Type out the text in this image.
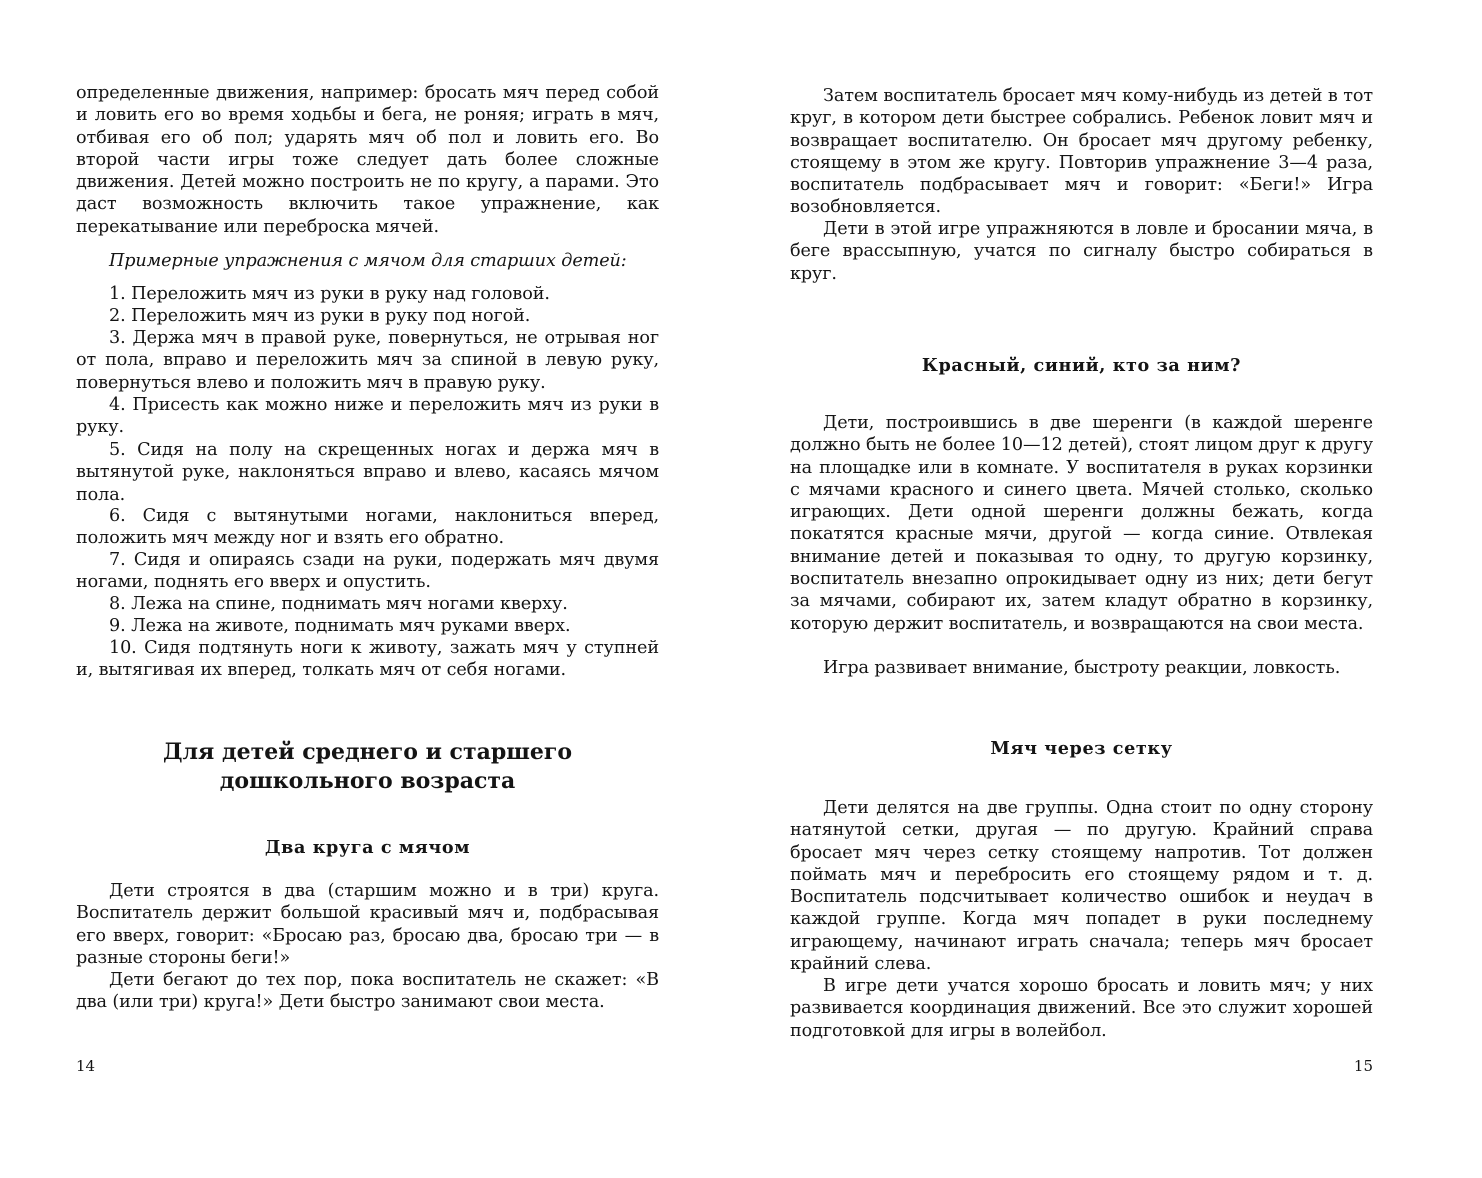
определенные движения, например: бросать мяч перед собой и ловить его во время ходьбы и бега, не роняя; играть в мяч, отбивая его об пол; ударять мяч об пол и ловить его. Во второй части игры тоже следует дать более сложные движения. Детей можно построить не по кругу, а парами. Это даст возможность включить такое упражнение, как перекатывание или переброска мячей.

Примерные упражнения с мячом для старших детей:

1. Переложить мяч из руки в руку над головой.

2. Переложить мяч из руки в руку под ногой.

3. Держа мяч в правой руке, повернуться, не отрывая ног от пола, вправо и переложить мяч за спиной в левую руку, повернуться влево и положить мяч в правую руку.

4. Присесть как можно ниже и переложить мяч из руки в руку.

5. Сидя на полу на скрещенных ногах и держа мяч в вытянутой руке, наклоняться вправо и влево, касаясь мячом пола.

6. Сидя с вытянутыми ногами, наклониться вперед, положить мяч между ног и взять его обратно.

7. Сидя и опираясь сзади на руки, подержать мяч двумя ногами, поднять его вверх и опустить.

8. Лежа на спине, поднимать мяч ногами кверху.

9. Лежа на животе, поднимать мяч руками вверх.

10. Сидя подтянуть ноги к животу, зажать мяч у ступней и, вытягивая их вперед, толкать мяч от себя ногами.

Для детей среднего и старшего
дошкольного возраста
Два круга с мячом

Дети строятся в два (старшим можно и в три) круга. Воспитатель держит большой красивый мяч и, подбрасывая его вверх, говорит: «Бросаю раз, бросаю два, бросаю три — в разные стороны беги!»

Дети бегают до тех пор, пока воспитатель не скажет: «В два (или три) круга!» Дети быстро занимают свои места.

14

Затем воспитатель бросает мяч кому-нибудь из детей в тот круг, в котором дети быстрее собрались. Ребенок ловит мяч и возвращает воспитателю. Он бросает мяч другому ребенку, стоящему в этом же кругу. Повторив упражнение 3—4 раза, воспитатель подбрасывает мяч и говорит: «Беги!» Игра возобновляется.

Дети в этой игре упражняются в ловле и бросании мяча, в беге врассыпную, учатся по сигналу быстро собираться в круг.

Красный, синий, кто за ним?

Дети, построившись в две шеренги (в каждой шеренге должно быть не более 10—12 детей), стоят лицом друг к другу на площадке или в комнате. У воспитателя в руках корзинки с мячами красного и синего цвета. Мячей столько, сколько играющих. Дети одной шеренги должны бежать, когда покатятся красные мячи, другой — когда синие. Отвлекая внимание детей и показывая то одну, то другую корзинку, воспитатель внезапно опрокидывает одну из них; дети бегут за мячами, собирают их, затем кладут обратно в корзинку, которую держит воспитатель, и возвращаются на свои места.

Игра развивает внимание, быстроту реакции, ловкость.

Мяч через сетку

Дети делятся на две группы. Одна стоит по одну сторону натянутой сетки, другая — по другую. Крайний справа бросает мяч через сетку стоящему напротив. Тот должен поймать мяч и перебросить его стоящему рядом и т. д. Воспитатель подсчитывает количество ошибок и неудач в каждой группе. Когда мяч попадет в руки последнему играющему, начинают играть сначала; теперь мяч бросает крайний слева.

В игре дети учатся хорошо бросать и ловить мяч; у них развивается координация движений. Все это служит хорошей подготовкой для игры в волейбол.

15
